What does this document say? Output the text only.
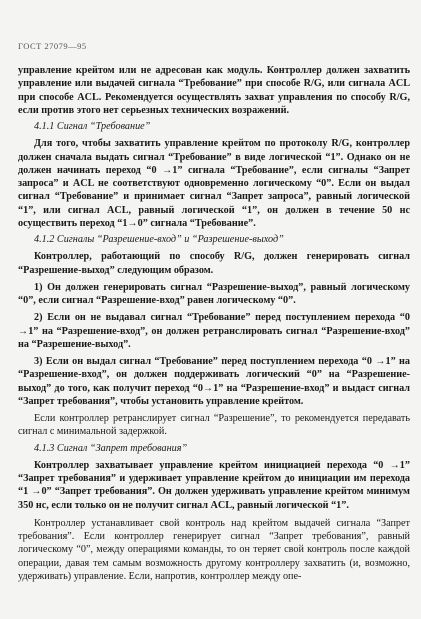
ГОСТ 27079—95

управление крейтом или не адресован как модуль. Контроллер должен захватить управление или выдачей сигнала “Требование” при способе R/G, или сигнала ACL при способе ACL. Рекомендуется осуществлять захват управления по способу R/G, если против этого нет серьезных технических возражений.

4.1.1 Сигнал “Требование”

Для того, чтобы захватить управление крейтом по протоколу R/G, контроллер должен сначала выдать сигнал “Требование” в виде логической “1”. Однако он не должен начинать переход “0 →1” сигнала “Требование”, если сигналы “Запрет запроса” и ACL не соответствуют одновременно логическому “0”. Если он выдал сигнал “Требование” и принимает сигнал “Запрет запроса”, равный логической “1”, или сигнал ACL, равный логической “1”, он должен в течение 50 нс осуществить переход “1→0” сигнала “Требование”.

4.1.2 Сигналы “Разрешение-вход” и “Разрешение-выход”

Контроллер, работающий по способу R/G, должен генерировать сигнал “Разрешение-выход” следующим образом.

1) Он должен генерировать сигнал “Разрешение-выход”, равный логическому “0”, если сигнал “Разрешение-вход” равен логическому “0”.

2) Если он не выдавал сигнал “Требование” перед поступлением перехода “0 →1” на “Разрешение-вход”, он должен ретранслировать сигнал “Разрешение-вход” на “Разрешение-выход”.

3) Если он выдал сигнал “Требование” перед поступлением перехода “0 →1” на “Разрешение-вход”, он должен поддерживать логический “0” на “Разрешение-выход” до того, как получит переход “0→1” на “Разрешение-вход” и выдаст сигнал “Запрет требования”, чтобы установить управление крейтом.

Если контроллер ретранслирует сигнал “Разрешение”, то рекомендуется передавать сигнал с минимальной задержкой.

4.1.3 Сигнал “Запрет требования”

Контроллер захватывает управление крейтом инициацией перехода “0 →1” “Запрет требования” и удерживает управление крейтом до инициации им перехода “1 →0” “Запрет требования”. Он должен удерживать управление крейтом минимум 350 нс, если только он не получит сигнал ACL, равный логической “1”.

Контроллер устанавливает свой контроль над крейтом выдачей сигнала “Запрет требования”. Если контроллер генерирует сигнал “Запрет требования”, равный логическому “0”, между операциями команды, то он теряет свой контроль после каждой операции, давая тем самым возможность другому контроллеру захватить (и, возможно, удерживать) управление. Если, напротив, контроллер между опе-
